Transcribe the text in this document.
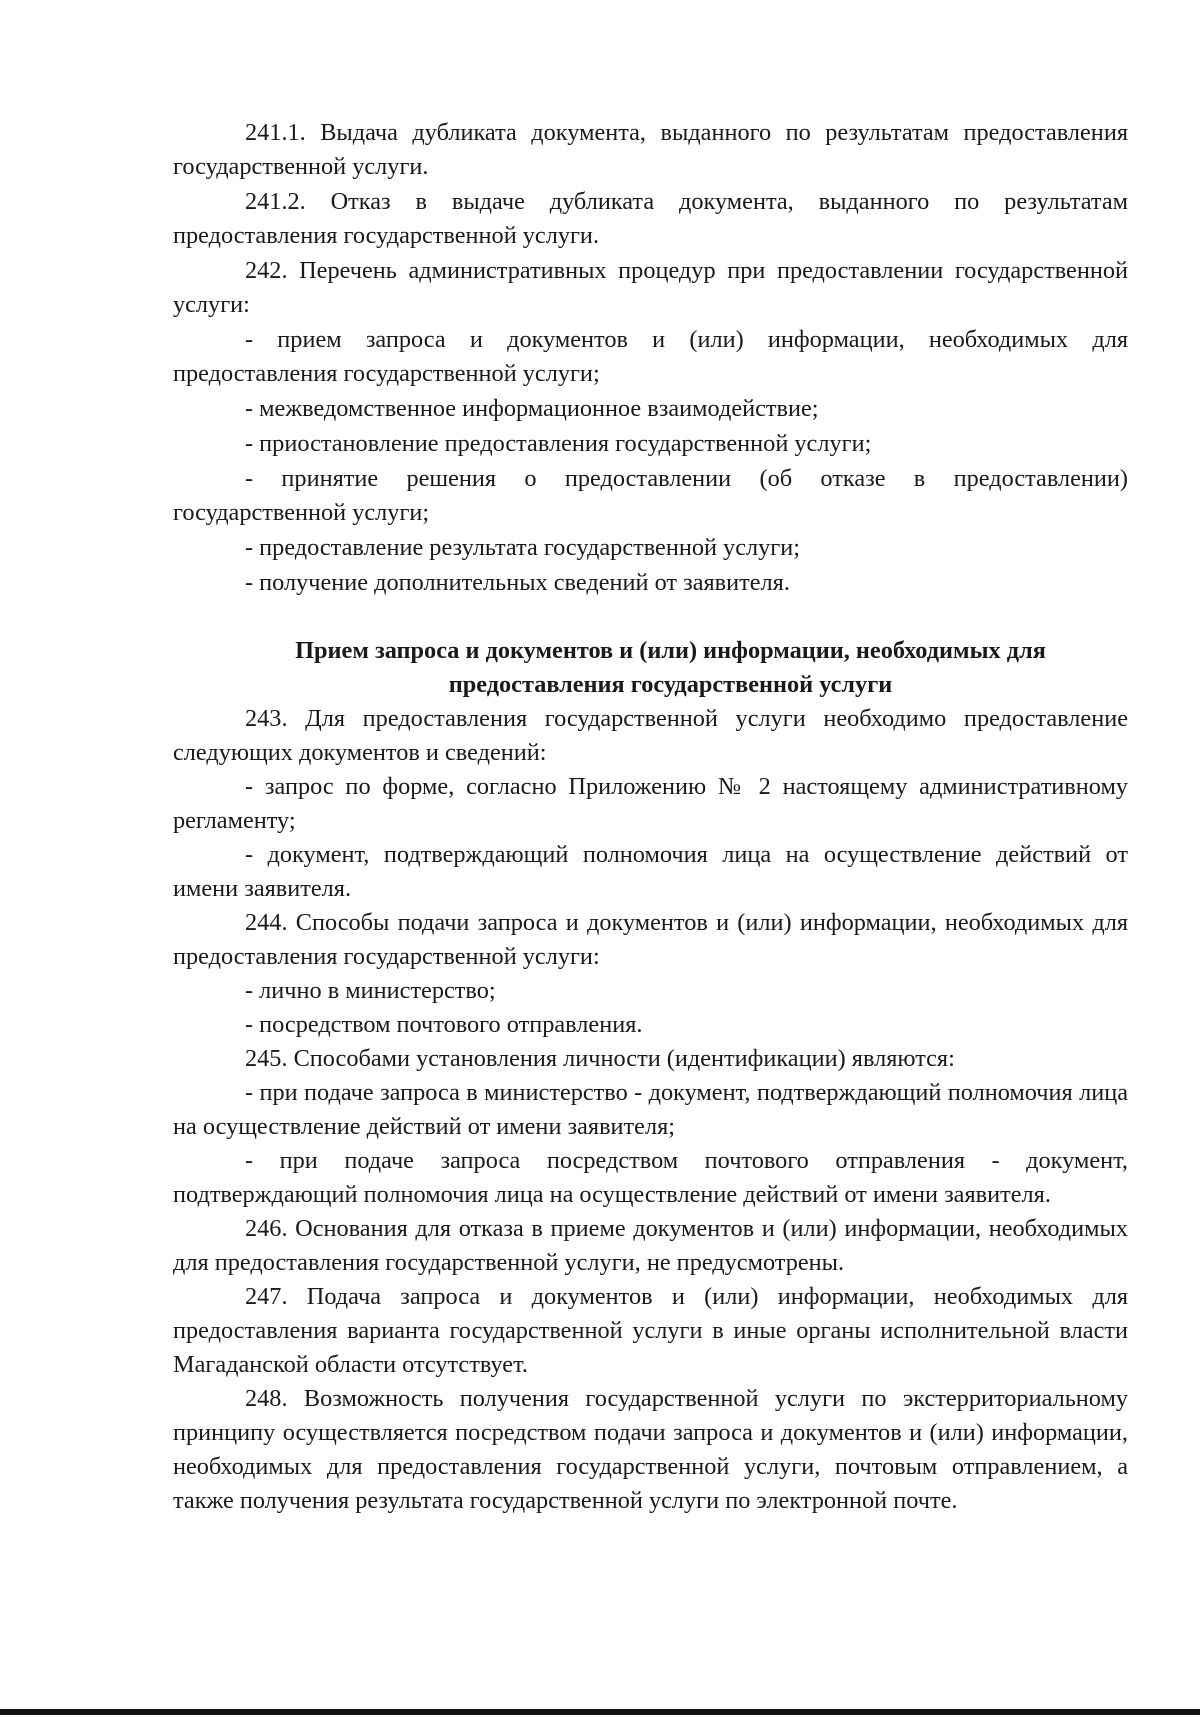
241.1. Выдача дубликата документа, выданного по результатам предоставления государственной услуги.

241.2. Отказ в выдаче дубликата документа, выданного по результатам предоставления государственной услуги.

242. Перечень административных процедур при предоставлении государственной услуги:

- прием запроса и документов и (или) информации, необходимых для предоставления государственной услуги;

- межведомственное информационное взаимодействие;

- приостановление предоставления государственной услуги;

- принятие решения о предоставлении (об отказе в предоставлении) государственной услуги;

- предоставление результата государственной услуги;

- получение дополнительных сведений от заявителя.

Прием запроса и документов и (или) информации, необходимых для предоставления государственной услуги

243. Для предоставления государственной услуги необходимо предоставление следующих документов и сведений:

- запрос по форме, согласно Приложению № 2 настоящему административному регламенту;

- документ, подтверждающий полномочия лица на осуществление действий от имени заявителя.

244. Способы подачи запроса и документов и (или) информации, необходимых для предоставления государственной услуги:

- лично в министерство;

- посредством почтового отправления.

245. Способами установления личности (идентификации) являются:

- при подаче запроса в министерство - документ, подтверждающий полномочия лица на осуществление действий от имени заявителя;

- при подаче запроса посредством почтового отправления - документ, подтверждающий полномочия лица на осуществление действий от имени заявителя.

246. Основания для отказа в приеме документов и (или) информации, необходимых для предоставления государственной услуги, не предусмотрены.

247. Подача запроса и документов и (или) информации, необходимых для предоставления варианта государственной услуги в иные органы исполнительной власти Магаданской области отсутствует.

248. Возможность получения государственной услуги по экстерриториальному принципу осуществляется посредством подачи запроса и документов и (или) информации, необходимых для предоставления государственной услуги, почтовым отправлением, а также получения результата государственной услуги по электронной почте.
